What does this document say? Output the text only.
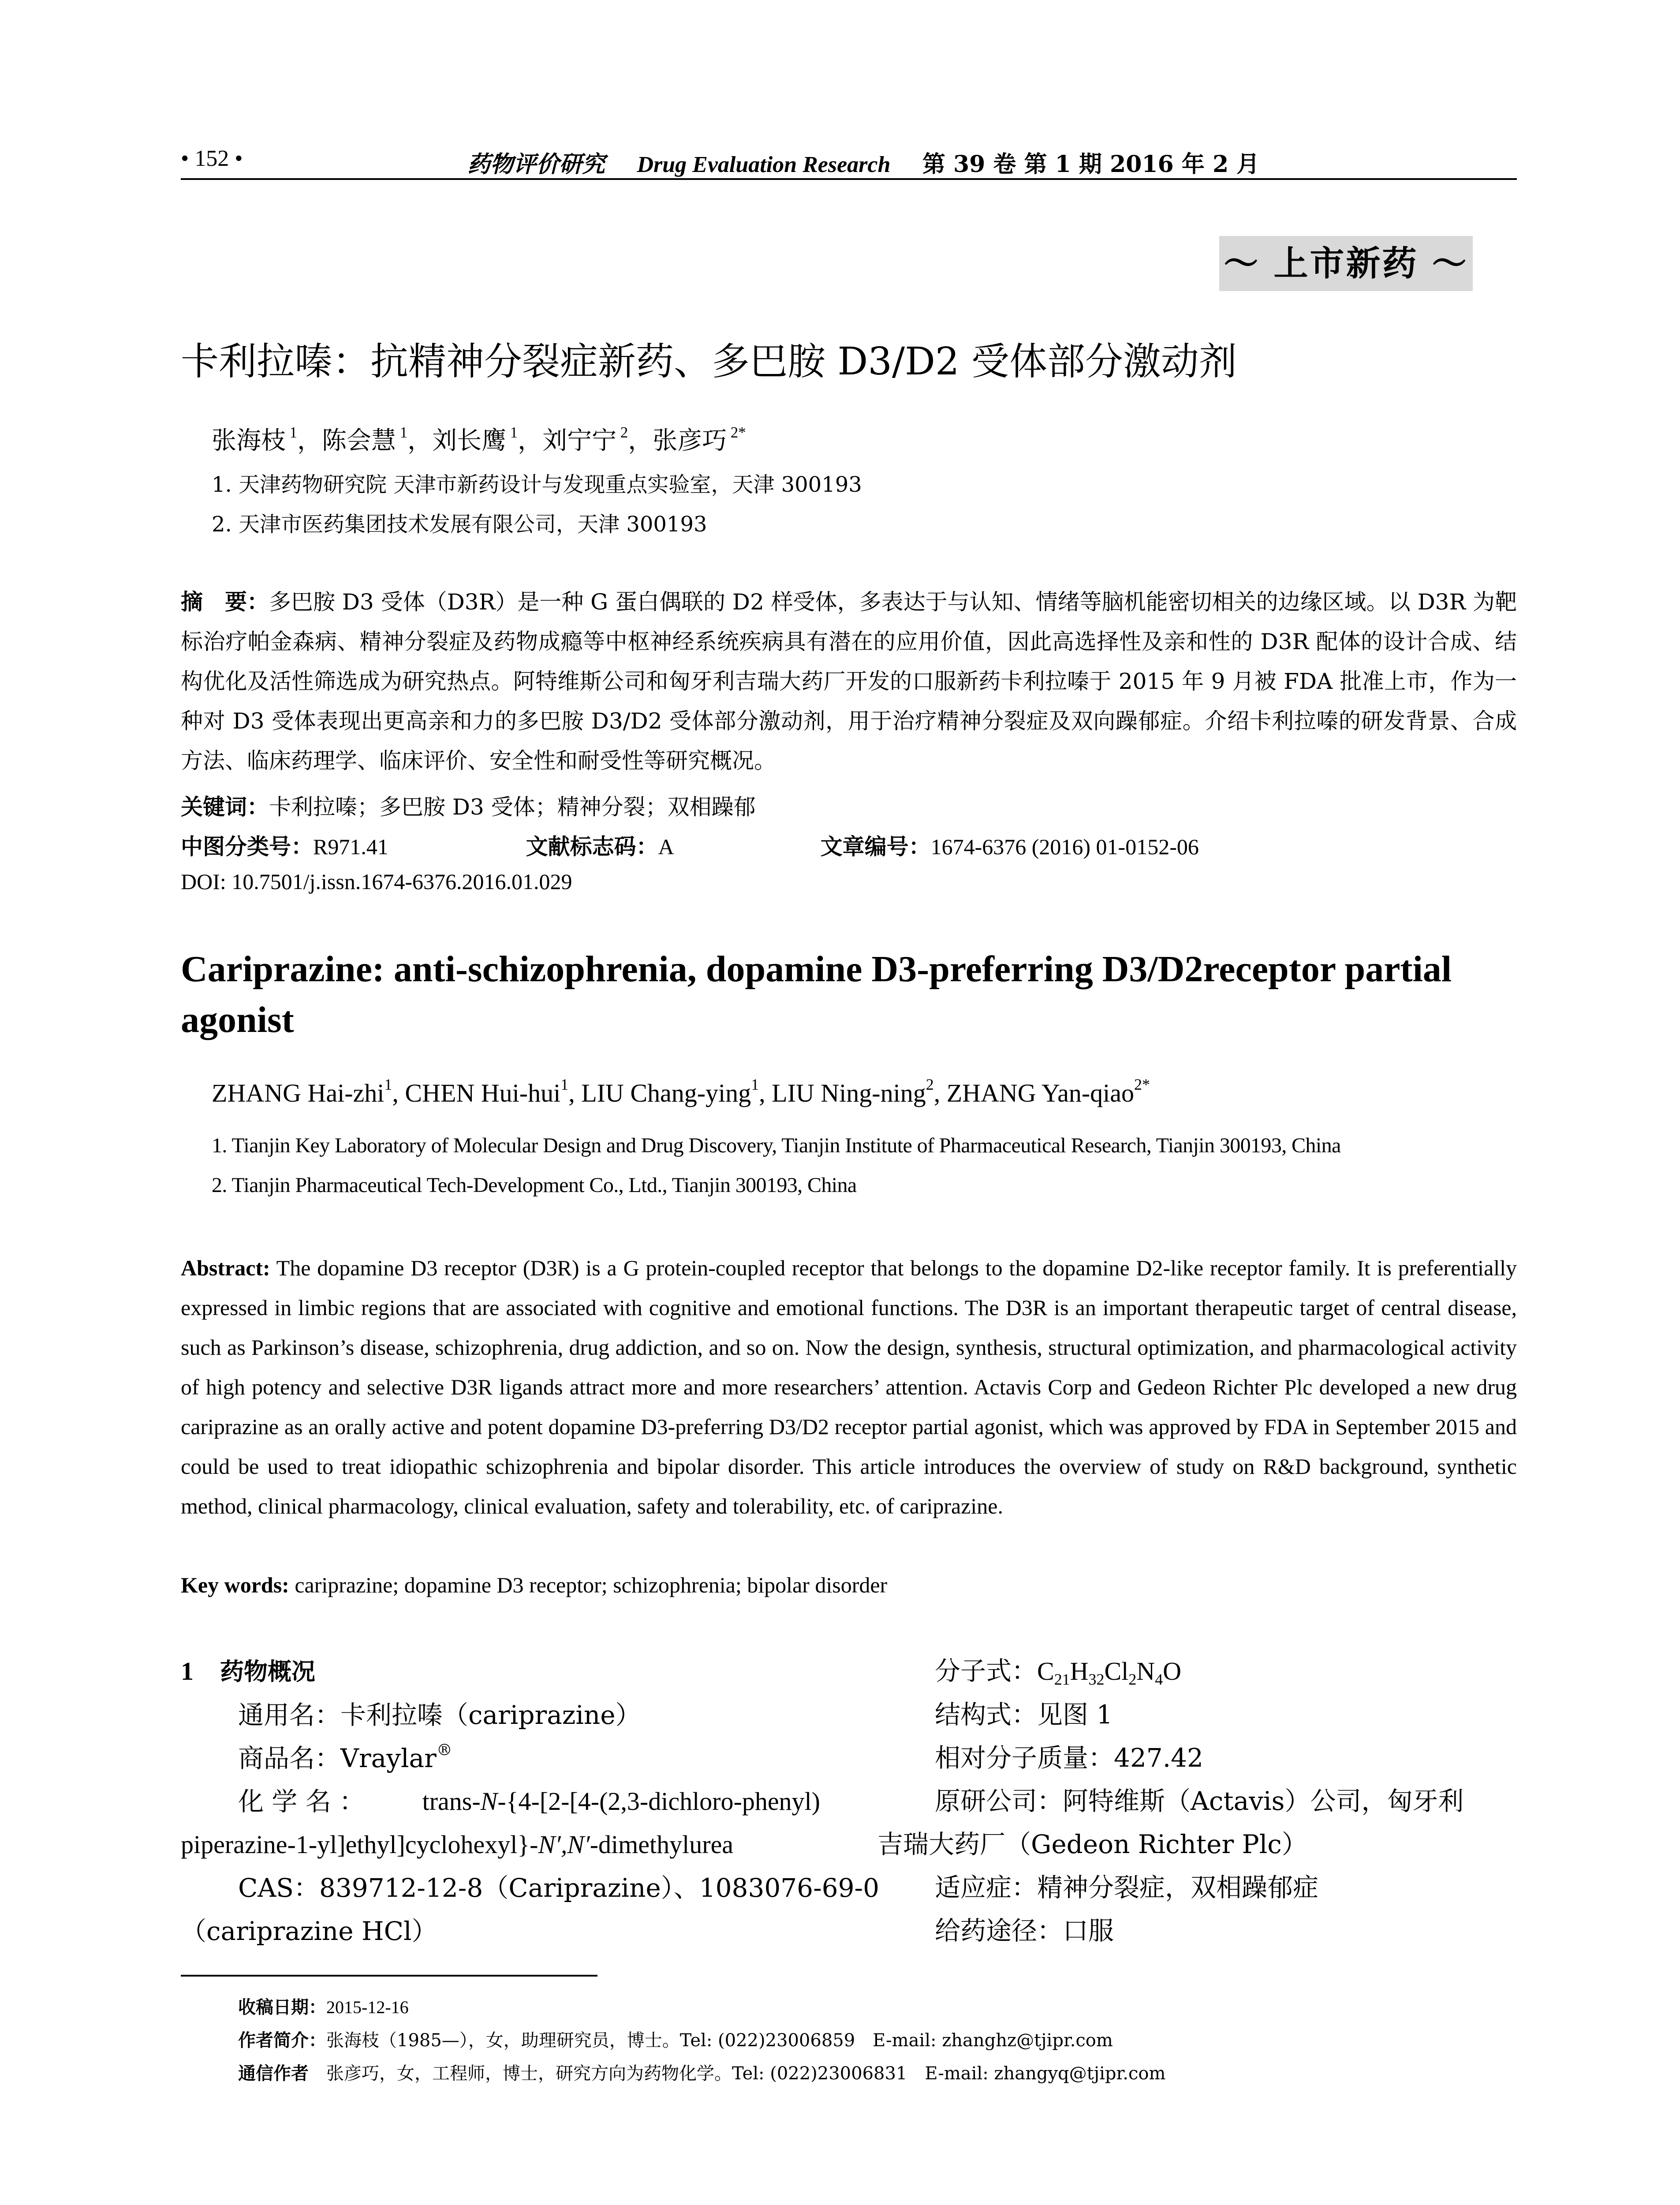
• 152 •	药物评价研究 Drug Evaluation Research 第 39 卷 第 1 期 2016 年 2 月
～ 上市新药 ～
卡利拉嗪：抗精神分裂症新药、多巴胺 D3/D2 受体部分激动剂
张海枝 $^1$，陈会慧 $^1$，刘长鹰 $^1$，刘宁宁 $^2$，张彦巧 $^{2*}$
1. 天津药物研究院 天津市新药设计与发现重点实验室，天津 300193
2. 天津市医药集团技术发展有限公司，天津 300193
摘　要：多巴胺 D3 受体（D3R）是一种 G 蛋白偶联的 D2 样受体，多表达于与认知、情绪等脑机能密切相关的边缘区域。以 D3R 为靶标治疗帕金森病、精神分裂症及药物成瘾等中枢神经系统疾病具有潜在的应用价值，因此高选择性及亲和性的 D3R 配体的设计合成、结构优化及活性筛选成为研究热点。阿特维斯公司和匈牙利吉瑞大药厂开发的口服新药卡利拉嗪于 2015 年 9 月被 FDA 批准上市，作为一种对 D3 受体表现出更高亲和力的多巴胺 D3/D2 受体部分激动剂，用于治疗精神分裂症及双向躁郁症。介绍卡利拉嗪的研发背景、合成方法、临床药理学、临床评价、安全性和耐受性等研究概况。
关键词：卡利拉嗪；多巴胺 D3 受体；精神分裂；双相躁郁
中图分类号：R971.41	文献标志码：A	文章编号：1674-6376 (2016) 01-0152-06
DOI: 10.7501/j.issn.1674-6376.2016.01.029
Cariprazine: anti-schizophrenia, dopamine D3-preferring D3/D2receptor partial agonist
ZHANG Hai-zhi$^1$, CHEN Hui-hui$^1$, LIU Chang-ying$^1$, LIU Ning-ning$^2$, ZHANG Yan-qiao$^{2*}$
1. Tianjin Key Laboratory of Molecular Design and Drug Discovery, Tianjin Institute of Pharmaceutical Research, Tianjin 300193, China
2. Tianjin Pharmaceutical Tech-Development Co., Ltd., Tianjin 300193, China
Abstract: The dopamine D3 receptor (D3R) is a G protein-coupled receptor that belongs to the dopamine D2-like receptor family. It is preferentially expressed in limbic regions that are associated with cognitive and emotional functions. The D3R is an important therapeutic target of central disease, such as Parkinson’s disease, schizophrenia, drug addiction, and so on. Now the design, synthesis, structural optimization, and pharmacological activity of high potency and selective D3R ligands attract more and more researchers’ attention. Actavis Corp and Gedeon Richter Plc developed a new drug cariprazine as an orally active and potent dopamine D3-preferring D3/D2 receptor partial agonist, which was approved by FDA in September 2015 and could be used to treat idiopathic schizophrenia and bipolar disorder. This article introduces the overview of study on R&D background, synthetic method, clinical pharmacology, clinical evaluation, safety and tolerability, etc. of cariprazine.
Key words: cariprazine; dopamine D3 receptor; schizophrenia; bipolar disorder
1 药物概况
通用名：卡利拉嗪（cariprazine）
商品名：Vraylar®
化 学 名 ： trans-N-{4-[2-[4-(2,3-dichloro-phenyl)
piperazine-1-yl]ethyl]cyclohexyl}-N′,N′-dimethylurea
CAS：839712-12-8（Cariprazine）、1083076-69-0
（cariprazine HCl）
分子式：$C_{21}H_{32}Cl_2N_4O$
结构式：见图 1
相对分子质量：427.42
原研公司：阿特维斯（Actavis）公司，匈牙利
吉瑞大药厂（Gedeon Richter Plc）
适应症：精神分裂症，双相躁郁症
给药途径：口服
收稿日期：2015-12-16
作者简介：张海枝（1985—），女，助理研究员，博士。Tel: (022)23006859　E-mail: zhanghz@tjipr.com
通信作者　张彦巧，女，工程师，博士，研究方向为药物化学。Tel: (022)23006831　E-mail: zhangyq@tjipr.com
